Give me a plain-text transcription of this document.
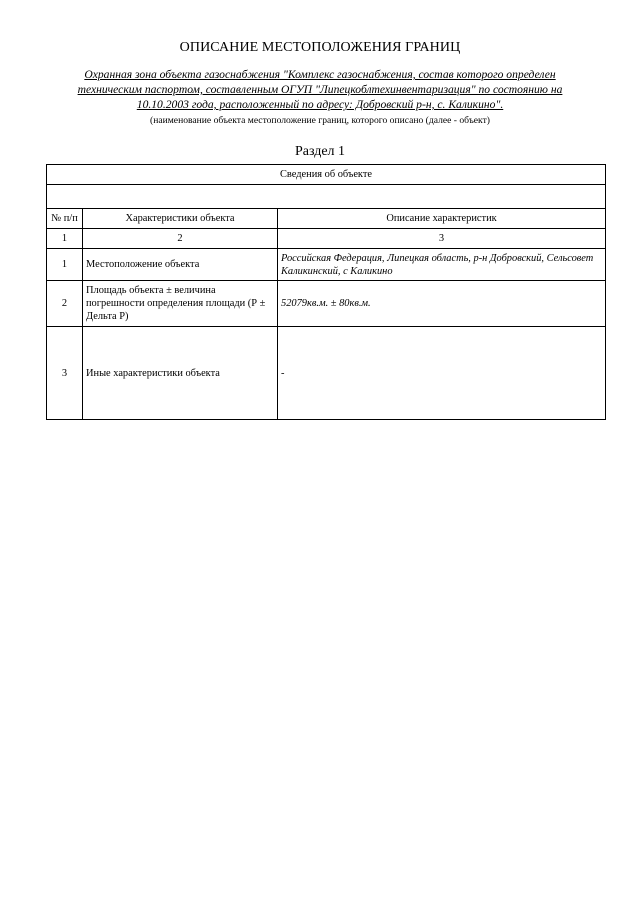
ОПИСАНИЕ МЕСТОПОЛОЖЕНИЯ ГРАНИЦ
Охранная зона объекта газоснабжения "Комплекс газоснабжения, состав которого определен
техническим паспортом, составленным ОГУП "Липецкоблтехинвентаризация" по состоянию на
10.10.2003 года, расположенный по адресу: Добровский р-н, с. Каликино".
(наименование объекта местоположение границ, которого описано (далее - объект)
Раздел 1
Сведения об объекте		

№ п/п	Характеристики объекта	Описание характеристик
1	2	3
1	Местоположение объекта	Российская Федерация, Липецкая область, р-н Добровский, Сельсовет Каликинский, с Каликино
2	Площадь объекта ± величина погрешности определения площади (Р ± Дельта Р)	52079кв.м. ± 80кв.м.
3	Иные характеристики объекта	-
